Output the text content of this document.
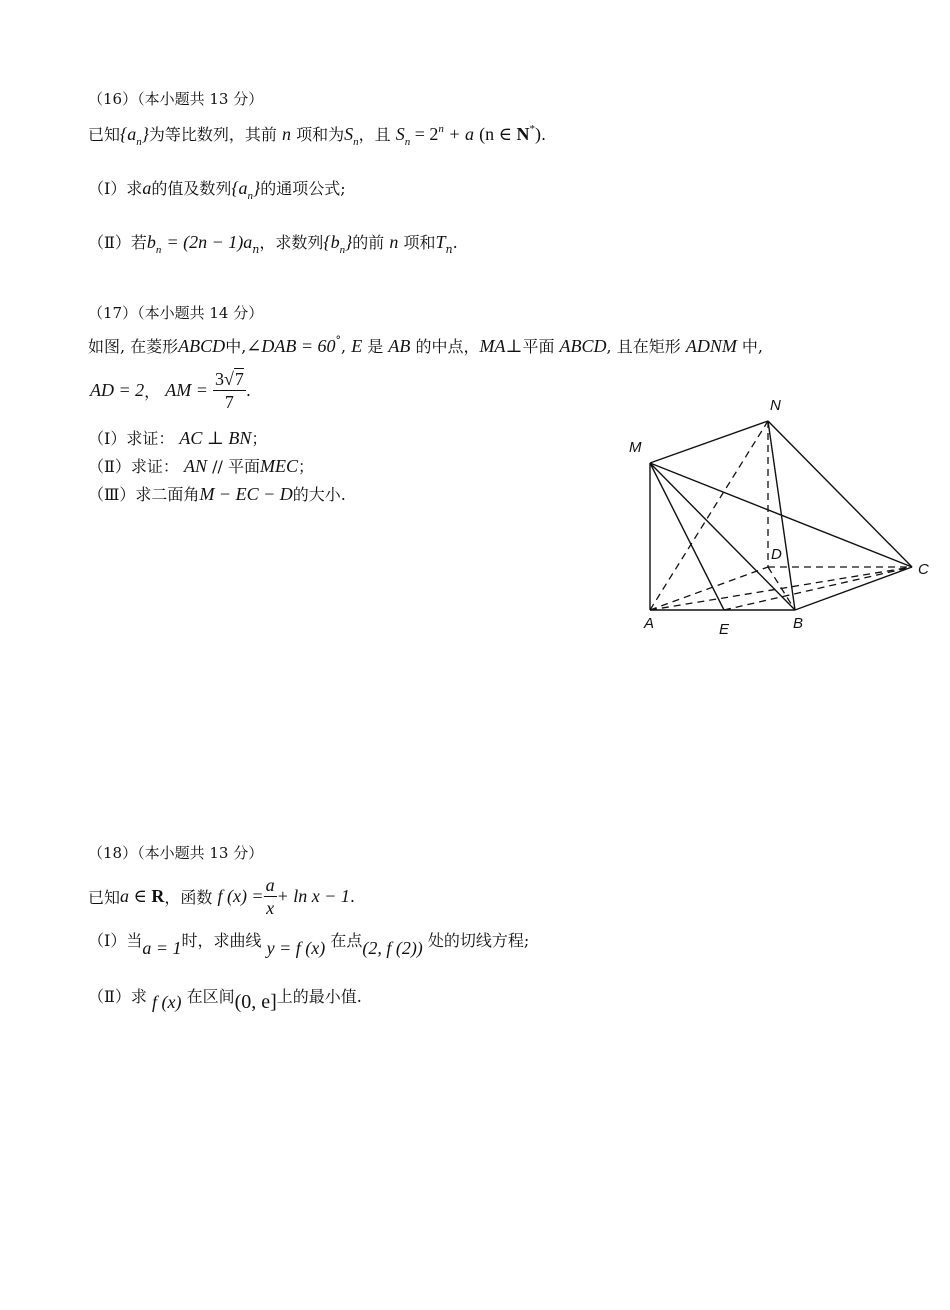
（16）（本小题共 13 分）
已知$\{a_n\}$为等比数列，其前 n 项和为$S_n$，且 $S_n = 2^n + a$ (n ∈ N*).
（Ⅰ）求a的值及数列$\{a_n\}$的通项公式;
（Ⅱ）若$b_n = (2n - 1)a_n$，求数列$\{b_n\}$的前 n 项和$T_n$.
（17）（本小题共 14 分）
如图, 在菱形ABCD中,∠DAB = 60°, E 是 AB 的中点，MA⊥平面 ABCD, 且在矩形 ADNM 中,
AD = 2， AM = $\frac{3√7}{7}$ .
（Ⅰ）求证： AC ⊥ BN；
（Ⅱ）求证： AN // 平面MEC；
（Ⅲ）求二面角M − EC − D的大小.
N
M
D
C
A	E	B
（18）（本小题共 13 分）
已知a ∈ R，函数 f $(x) = \frac{a}{x} + \ln x - 1$.
（Ⅰ）当a = 1时，求曲线 y = f (x) 在点(2, f (2)) 处的切线方程;
（Ⅱ）求 f (x) 在区间(0, e]上的最小值.
